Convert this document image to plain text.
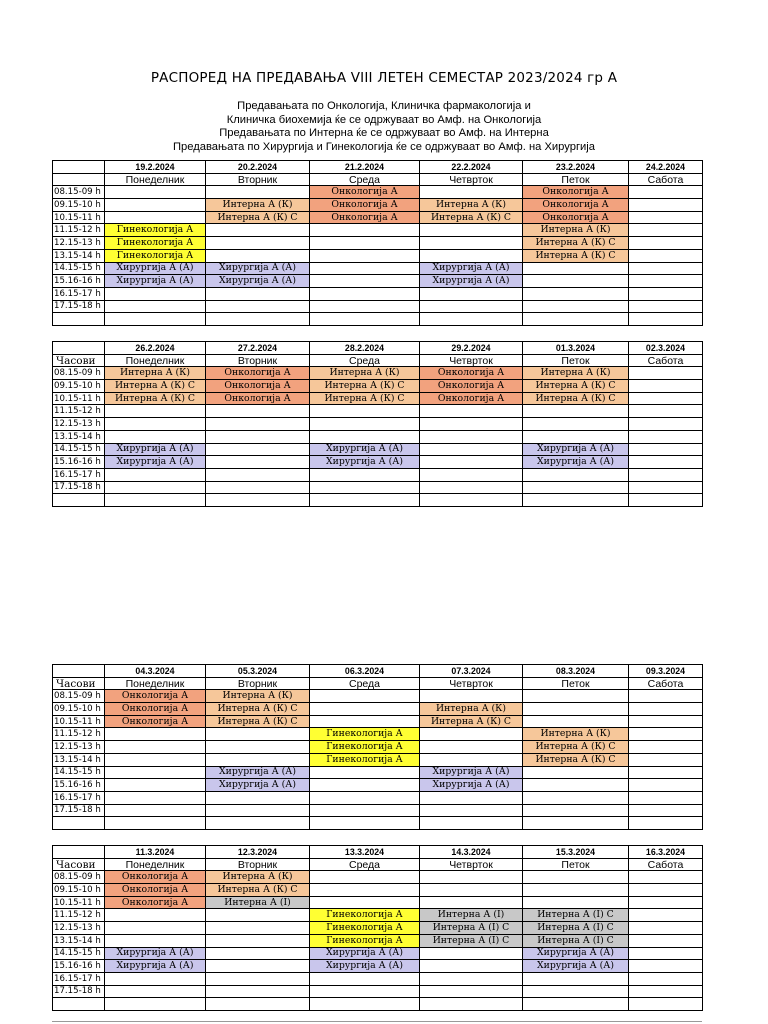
РАСПОРЕД НА ПРЕДАВАЊА VIII ЛЕТЕН СЕМЕСТАР 2023/2024 гр А
Предавањата по Онкологија, Клиничка фармакологија и
Клиничка биохемија ќе се одржуваат во Амф. на Онкологија
Предавањата по Интерна ќе се одржуваат во Амф. на Интерна
Предавањата по Хирургија и Гинекологија ќе се одржуваат во Амф. на Хирургија
	19.2.2024	20.2.2024	21.2.2024	22.2.2024	23.2.2024	24.2.2024
	Понеделник	Вторник	Среда	Четврток	Петок	Сабота
08.15-09 h			Онкологија А		Онкологија А	
09.15-10 h		Интерна А (К)	Онкологија А	Интерна А (К)	Онкологија А	
10.15-11 h		Интерна А (К) С	Онкологија А	Интерна А (К) С	Онкологија А	
11.15-12 h	Гинекологија А				Интерна А (К)	
12.15-13 h	Гинекологија А				Интерна А (К) С	
13.15-14 h	Гинекологија А				Интерна А (К) С	
14.15-15 h	Хирургија А (А)	Хирургија А (А)		Хирургија А (А)		
15.16-16 h	Хирургија А (А)	Хирургија А (А)		Хирургија А (А)		
16.15-17 h						
17.15-18 h						

	26.2.2024	27.2.2024	28.2.2024	29.2.2024	01.3.2024	02.3.2024
Часови	Понеделник	Вторник	Среда	Четврток	Петок	Сабота
08.15-09 h	Интерна А (К)	Онкологија А	Интерна А (К)	Онкологија А	Интерна А (К)	
09.15-10 h	Интерна А (К) С	Онкологија А	Интерна А (К) С	Онкологија А	Интерна А (К) С	
10.15-11 h	Интерна А (К) С	Онкологија А	Интерна А (К) С	Онкологија А	Интерна А (К) С	
11.15-12 h						
12.15-13 h						
13.15-14 h						
14.15-15 h	Хирургија А (А)		Хирургија А (А)		Хирургија А (А)	
15.16-16 h	Хирургија А (А)		Хирургија А (А)		Хирургија А (А)	
16.15-17 h						
17.15-18 h						

	04.3.2024	05.3.2024	06.3.2024	07.3.2024	08.3.2024	09.3.2024
Часови	Понеделник	Вторник	Среда	Четврток	Петок	Сабота
08.15-09 h	Онкологија А	Интерна А (К)				
09.15-10 h	Онкологија А	Интерна А (К) С		Интерна А (К)		
10.15-11 h	Онкологија А	Интерна А (К) С		Интерна А (К) С		
11.15-12 h			Гинекологија А		Интерна А (К)	
12.15-13 h			Гинекологија А		Интерна А (К) С	
13.15-14 h			Гинекологија А		Интерна А (К) С	
14.15-15 h		Хирургија А (А)		Хирургија А (А)		
15.16-16 h		Хирургија А (А)		Хирургија А (А)		
16.15-17 h						
17.15-18 h						

	11.3.2024	12.3.2024	13.3.2024	14.3.2024	15.3.2024	16.3.2024
Часови	Понеделник	Вторник	Среда	Четврток	Петок	Сабота
08.15-09 h	Онкологија А	Интерна А (К)				
09.15-10 h	Онкологија А	Интерна А (К) С				
10.15-11 h	Онкологија А	Интерна А (I)				
11.15-12 h			Гинекологија А	Интерна А (I)	Интерна А (I) С	
12.15-13 h			Гинекологија А	Интерна А (I) С	Интерна А (I) С	
13.15-14 h			Гинекологија А	Интерна А (I) С	Интерна А (I) С	
14.15-15 h	Хирургија А (А)		Хирургија А (А)		Хирургија А (А)	
15.16-16 h	Хирургија А (А)		Хирургија А (А)		Хирургија А (А)	
16.15-17 h						
17.15-18 h						
